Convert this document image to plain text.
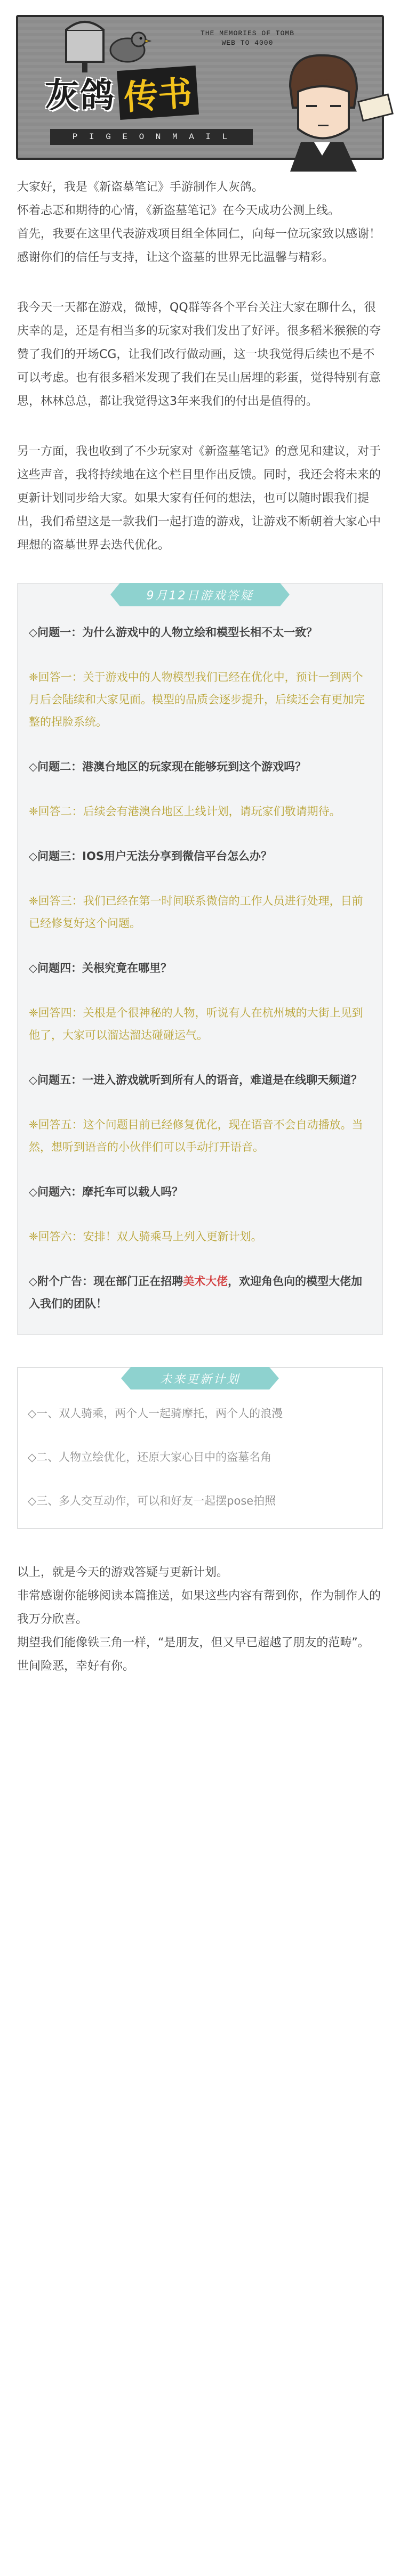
THE MEMORIES OF TOMB
WEB TO 4000
灰鸽 传书
P I G E O N M A I L

大家好，我是《新盗墓笔记》手游制作人灰鸽。

怀着忐忑和期待的心情，《新盗墓笔记》在今天成功公测上线。

首先，我要在这里代表游戏项目组全体同仁，向每一位玩家致以感谢！感谢你们的信任与支持，让这个盗墓的世界无比温馨与精彩。

我今天一天都在游戏，微博，QQ群等各个平台关注大家在聊什么，很庆幸的是，还是有相当多的玩家对我们发出了好评。很多稻米猴猴的夸赞了我们的开场CG，让我们改行做动画，这一块我觉得后续也不是不可以考虑。也有很多稻米发现了我们在吴山居埋的彩蛋，觉得特别有意思，林林总总，都让我觉得这3年来我们的付出是值得的。

另一方面，我也收到了不少玩家对《新盗墓笔记》的意见和建议，对于这些声音，我将持续地在这个栏目里作出反馈。同时，我还会将未来的更新计划同步给大家。如果大家有任何的想法，也可以随时跟我们提出，我们希望这是一款我们一起打造的游戏，让游戏不断朝着大家心中理想的盗墓世界去迭代优化。

9月12日游戏答疑
◇问题一：为什么游戏中的人物立绘和模型长相不太一致？
❈回答一：关于游戏中的人物模型我们已经在优化中，预计一到两个月后会陆续和大家见面。模型的品质会逐步提升，后续还会有更加完整的捏脸系统。
◇问题二：港澳台地区的玩家现在能够玩到这个游戏吗？
❈回答二：后续会有港澳台地区上线计划，请玩家们敬请期待。
◇问题三：IOS用户无法分享到微信平台怎么办？
❈回答三：我们已经在第一时间联系微信的工作人员进行处理，目前已经修复好这个问题。
◇问题四：关根究竟在哪里？
❈回答四：关根是个很神秘的人物，听说有人在杭州城的大街上见到他了，大家可以溜达溜达碰碰运气。
◇问题五：一进入游戏就听到所有人的语音，难道是在线聊天频道？
❈回答五：这个问题目前已经修复优化，现在语音不会自动播放。当然，想听到语音的小伙伴们可以手动打开语音。
◇问题六：摩托车可以载人吗？
❈回答六：安排！双人骑乘马上列入更新计划。
◇附个广告：现在部门正在招聘美术大佬，欢迎角色向的模型大佬加入我们的团队！
未来更新计划
◇一、双人骑乘，两个人一起骑摩托，两个人的浪漫
◇二、人物立绘优化，还原大家心目中的盗墓名角
◇三、多人交互动作，可以和好友一起摆pose拍照

以上，就是今天的游戏答疑与更新计划。

非常感谢你能够阅读本篇推送，如果这些内容有帮到你，作为制作人的我万分欣喜。

期望我们能像铁三角一样，“是朋友，但又早已超越了朋友的范畴”。

世间险恶，幸好有你。
